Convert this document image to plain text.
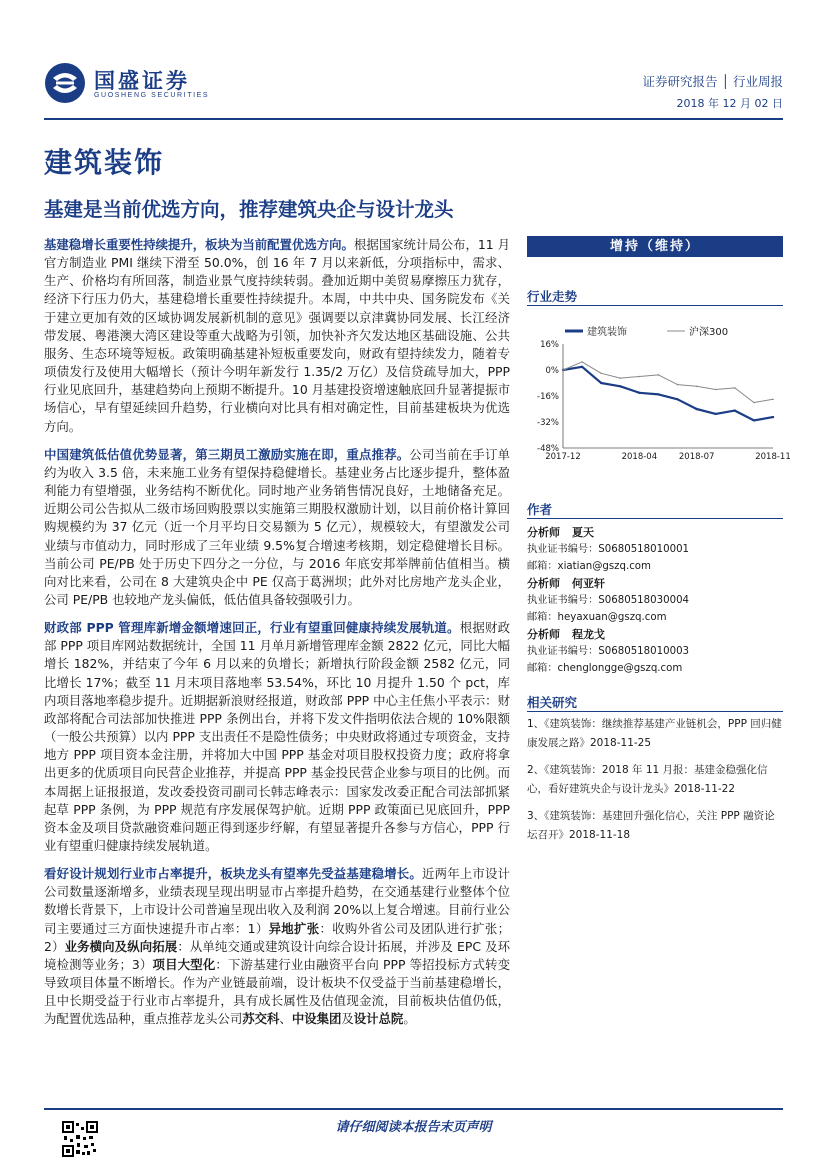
国盛证券
GUOSHENG SECURITIES
证券研究报告 │ 行业周报
2018 年 12 月 02 日
建筑装饰
基建是当前优选方向，推荐建筑央企与设计龙头

基建稳增长重要性持续提升，板块为当前配置优选方向。根据国家统计局公布，11 月官方制造业 PMI 继续下滑至 50.0%，创 16 年 7 月以来新低，分项指标中，需求、生产、价格均有所回落，制造业景气度持续转弱。叠加近期中美贸易摩擦压力犹存，经济下行压力仍大，基建稳增长重要性持续提升。本周，中共中央、国务院发布《关于建立更加有效的区域协调发展新机制的意见》强调要以京津冀协同发展、长江经济带发展、粤港澳大湾区建设等重大战略为引领，加快补齐欠发达地区基础设施、公共服务、生态环境等短板。政策明确基建补短板重要发向，财政有望持续发力，随着专项债发行及使用大幅增长（预计今明年新发行 1.35/2 万亿）及信贷疏导加大，PPP 行业见底回升，基建趋势向上预期不断提升。10 月基建投资增速触底回升显著提振市场信心，早有望延续回升趋势，行业横向对比具有相对确定性，目前基建板块为优选方向。

中国建筑低估值优势显著，第三期员工激励实施在即，重点推荐。公司当前在手订单约为收入 3.5 倍，未来施工业务有望保持稳健增长。基建业务占比逐步提升，整体盈利能力有望增强，业务结构不断优化。同时地产业务销售情况良好，土地储备充足。近期公司公告拟从二级市场回购股票以实施第三期股权激励计划，以目前价格计算回购规模约为 37 亿元（近一个月平均日交易额为 5 亿元），规模较大，有望激发公司业绩与市值动力，同时形成了三年业绩 9.5%复合增速考核期，划定稳健增长目标。当前公司 PE/PB 处于历史下四分之一分位，与 2016 年底安邦举牌前估值相当。横向对比来看，公司在 8 大建筑央企中 PE 仅高于葛洲坝；此外对比房地产龙头企业，公司 PE/PB 也较地产龙头偏低，低估值具备较强吸引力。

财政部 PPP 管理库新增金额增速回正，行业有望重回健康持续发展轨道。根据财政部 PPP 项目库网站数据统计，全国 11 月单月新增管理库金额 2822 亿元，同比大幅增长 182%，并结束了今年 6 月以来的负增长；新增执行阶段金额 2582 亿元，同比增长 17%；截至 11 月末项目落地率 53.54%，环比 10 月提升 1.50 个 pct，库内项目落地率稳步提升。近期据新浪财经报道，财政部 PPP 中心主任焦小平表示：财政部将配合司法部加快推进 PPP 条例出台，并将下发文件指明依法合规的 10%限额（一般公共预算）以内 PPP 支出责任不是隐性债务；中央财政将通过专项资金，支持地方 PPP 项目资本金注册，并将加大中国 PPP 基金对项目股权投资力度；政府将拿出更多的优质项目向民营企业推荐，并提高 PPP 基金投民营企业参与项目的比例。而本周据上证报报道，发改委投资司副司长韩志峰表示：国家发改委正配合司法部抓紧起草 PPP 条例，为 PPP 规范有序发展保驾护航。近期 PPP 政策面已见底回升，PPP 资本金及项目贷款融资难问题正得到逐步纾解，有望显著提升各参与方信心，PPP 行业有望重归健康持续发展轨道。

看好设计规划行业市占率提升，板块龙头有望率先受益基建稳增长。近两年上市设计公司数量逐渐增多，业绩表现呈现出明显市占率提升趋势，在交通基建行业整体个位数增长背景下，上市设计公司普遍呈现出收入及利润 20%以上复合增速。目前行业公司主要通过三方面快速提升市占率：1）异地扩张：收购外省公司及团队进行扩张；2）业务横向及纵向拓展：从单纯交通或建筑设计向综合设计拓展，并涉及 EPC 及环境检测等业务；3）项目大型化：下游基建行业由融资平台向 PPP 等招投标方式转变导致项目体量不断增长。作为产业链最前端，设计板块不仅受益于当前基建稳增长，且中长期受益于行业市占率提升，具有成长属性及估值现金流，目前板块估值仍低，为配置优选品种，重点推荐龙头公司苏交科、中设集团及设计总院。

增持（维持）
行业走势
建筑装饰	沪深300
16%
0%
-16%
-32%
-48%
2017-12	2018-04	2018-07	2018-11
作者
分析师 夏天
执业证书编号：S0680518010001
邮箱：xiatian@gszq.com
分析师 何亚轩
执业证书编号：S0680518030004
邮箱：heyaxuan@gszq.com
分析师 程龙戈
执业证书编号：S0680518010003
邮箱：chenglongge@gszq.com
相关研究
1、《建筑装饰：继续推荐基建产业链机会，PPP 回归健康发展之路》2018-11-25
2、《建筑装饰：2018 年 11 月报：基建金稳强化信心，看好建筑央企与设计龙头》2018-11-22
3、《建筑装饰：基建回升强化信心，关注 PPP 融资论坛召开》2018-11-18
请仔细阅读本报告末页声明
